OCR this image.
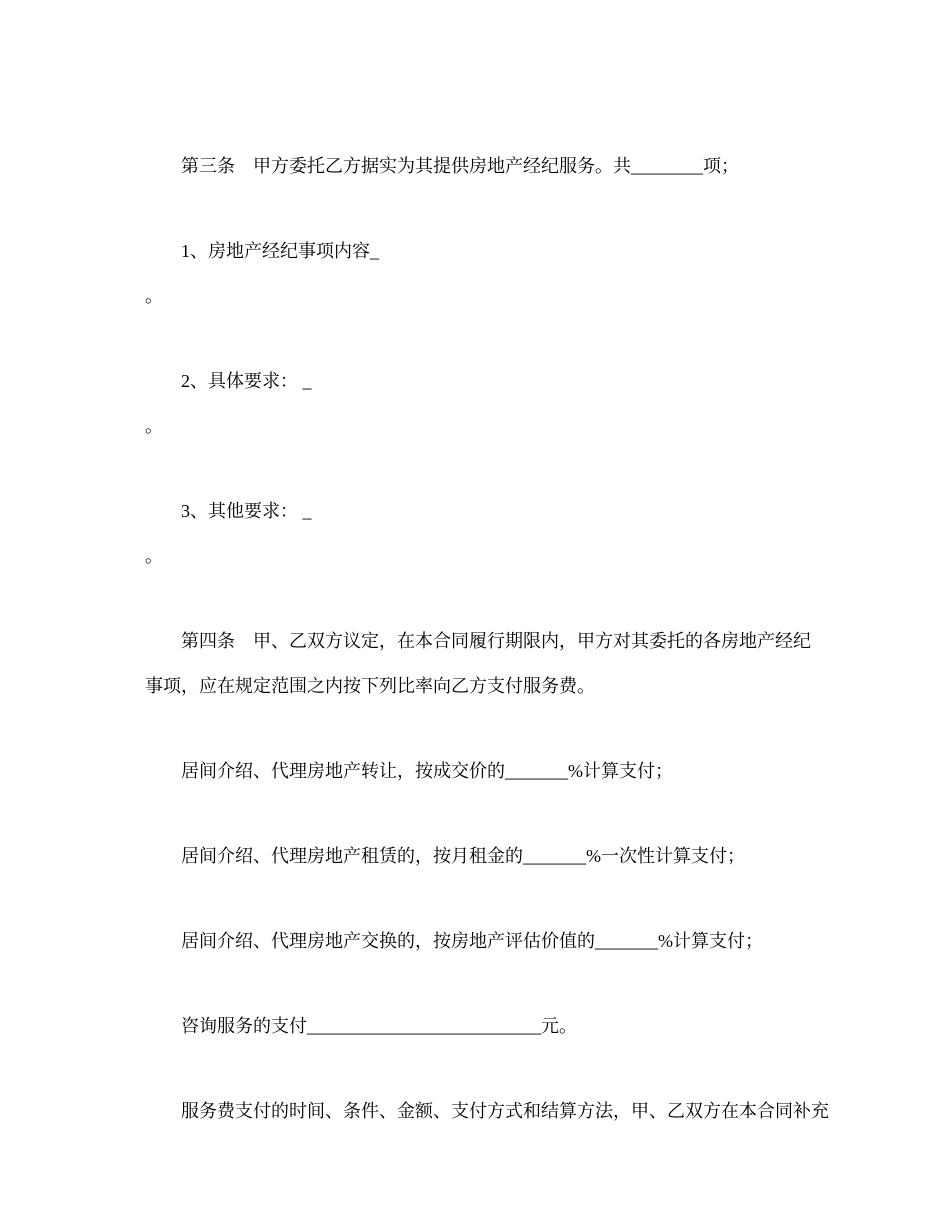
第三条　甲方委托乙方据实为其提供房地产经纪服务。共________项；
1、房地产经纪事项内容_
。
2、具体要求： _
。
3、其他要求： _
。
第四条　甲、乙双方议定，在本合同履行期限内，甲方对其委托的各房地产经纪
事项，应在规定范围之内按下列比率向乙方支付服务费。
居间介绍、代理房地产转让，按成交价的_______%计算支付；
居间介绍、代理房地产租赁的，按月租金的_______%一次性计算支付；
居间介绍、代理房地产交换的，按房地产评估价值的_______%计算支付；
咨询服务的支付__________________________元。
服务费支付的时间、条件、金额、支付方式和结算方法，甲、乙双方在本合同补充
